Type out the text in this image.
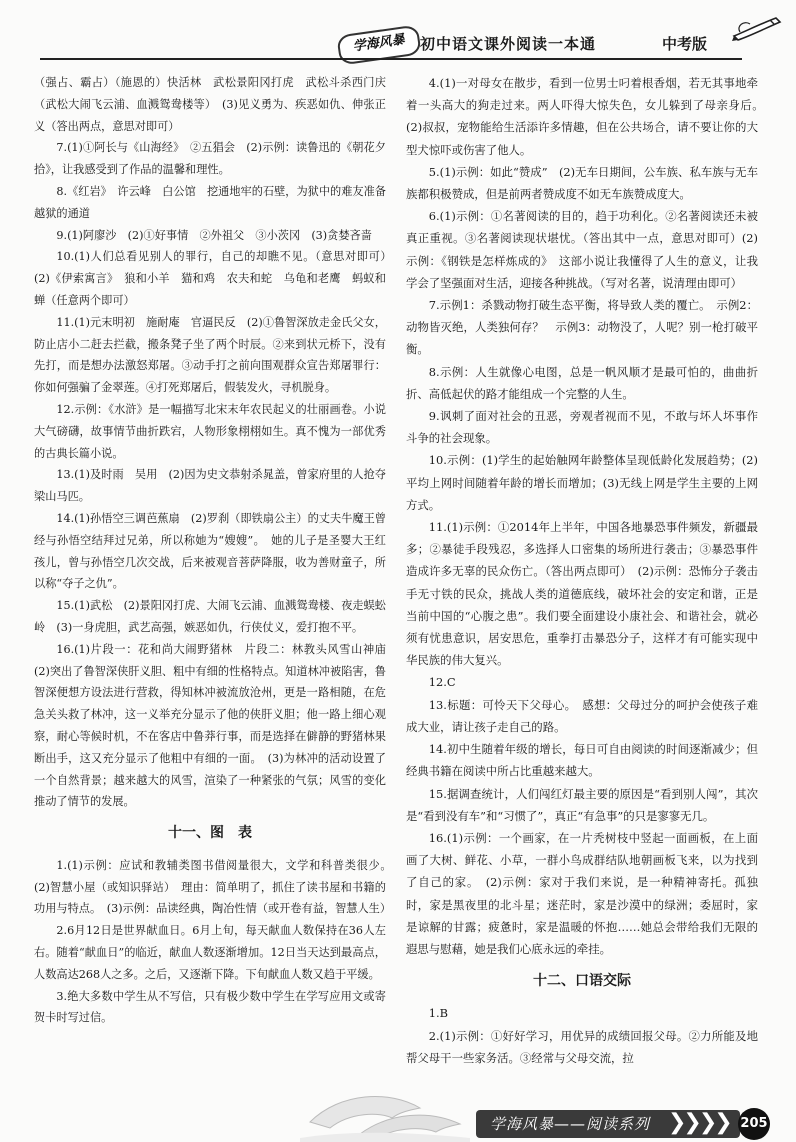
学海风暴 初中语文课外阅读一本通	中考版

（强占、霸占）（施恩的）快活林　武松景阳冈打虎　武松斗杀西门庆（武松大闹飞云浦、血溅鸳鸯楼等）　(3)见义勇为、疾恶如仇、伸张正义（答出两点，意思对即可）

7.(1)①阿长与《山海经》　②五猖会　(2)示例：读鲁迅的《朝花夕拾》，让我感受到了作品的温馨和理性。

8.《红岩》　许云峰　白公馆　挖通地牢的石壁，为狱中的难友准备越狱的通道

9.(1)阿廖沙　(2)①好事情　②外祖父　③小茨冈　(3)贪婪吝啬

10.(1)人们总看见别人的罪行，自己的却瞧不见。（意思对即可）　(2)《伊索寓言》　狼和小羊　猫和鸡　农夫和蛇　乌龟和老鹰　蚂蚁和蝉（任意两个即可）

11.(1)元末明初　施耐庵　官逼民反　(2)①鲁智深放走金氏父女，防止店小二赶去拦截，搬条凳子坐了两个时辰。②来到状元桥下，没有先打，而是想办法激怒郑屠。③动手打之前向围观群众宣告郑屠罪行：你如何强骗了金翠莲。④打死郑屠后，假装发火，寻机脱身。

12.示例：《水浒》是一幅描写北宋末年农民起义的壮丽画卷。小说大气磅礴，故事情节曲折跌宕，人物形象栩栩如生。真不愧为一部优秀的古典长篇小说。

13.(1)及时雨　吴用　(2)因为史文恭射杀晁盖，曾家府里的人抢夺梁山马匹。

14.(1)孙悟空三调芭蕉扇　(2)罗刹（即铁扇公主）的丈夫牛魔王曾经与孙悟空结拜过兄弟，所以称她为“嫂嫂”。　她的儿子是圣婴大王红孩儿，曾与孙悟空几次交战，后来被观音菩萨降服，收为善财童子，所以称“夺子之仇”。

15.(1)武松　(2)景阳冈打虎、大闹飞云浦、血溅鸳鸯楼、夜走蜈蚣岭　(3)一身虎胆，武艺高强，嫉恶如仇，行侠仗义，爱打抱不平。

16.(1)片段一：花和尚大闹野猪林　片段二：林教头风雪山神庙　(2)突出了鲁智深侠肝义胆、粗中有细的性格特点。知道林冲被陷害，鲁智深便想方设法进行营救，得知林冲被流放沧州，更是一路相随，在危急关头救了林冲，这一义举充分显示了他的侠肝义胆；他一路上细心观察，耐心等候时机，不在客店中鲁莽行事，而是选择在僻静的野猪林果断出手，这又充分显示了他粗中有细的一面。　(3)为林冲的活动设置了一个自然背景；越来越大的风雪，渲染了一种紧张的气氛；风雪的变化推动了情节的发展。

十一、图　表

1.(1)示例：应试和教辅类图书借阅量很大，文学和科普类很少。　(2)智慧小屋（或知识驿站）　理由：简单明了，抓住了读书屋和书籍的功用与特点。　(3)示例：品读经典，陶冶性情（或开卷有益，智慧人生）

2.6月12日是世界献血日。6月上旬，每天献血人数保持在36人左右。随着“献血日”的临近，献血人数逐渐增加。12日当天达到最高点，人数高达268人之多。之后，又逐渐下降。下旬献血人数又趋于平缓。

3.绝大多数中学生从不写信，只有极少数中学生在学写应用文或寄贺卡时写过信。

4.(1)一对母女在散步，看到一位男士叼着根香烟，若无其事地牵着一头高大的狗走过来。两人吓得大惊失色，女儿躲到了母亲身后。　(2)叔叔，宠物能给生活添许多情趣，但在公共场合，请不要让你的大型犬惊吓或伤害了他人。

5.(1)示例：如此“赞成”　(2)无车日期间，公车族、私车族与无车族都积极赞成，但是前两者赞成度不如无车族赞成度大。

6.(1)示例：①名著阅读的目的，趋于功利化。②名著阅读还未被真正重视。③名著阅读现状堪忧。（答出其中一点，意思对即可）(2)示例：《钢铁是怎样炼成的》　这部小说让我懂得了人生的意义，让我学会了坚强面对生活，迎接各种挑战。（写对名著，说清理由即可）

7.示例1：杀戮动物打破生态平衡，将导致人类的覆亡。　示例2：动物皆灭绝，人类独何存？　示例3：动物没了，人呢？别一枪打破平衡。

8.示例：人生就像心电图，总是一帆风顺才是最可怕的，曲曲折折、高低起伏的路才能组成一个完整的人生。

9.讽刺了面对社会的丑恶，旁观者视而不见，不敢与坏人坏事作斗争的社会现象。

10.示例：(1)学生的起始触网年龄整体呈现低龄化发展趋势；(2)平均上网时间随着年龄的增长而增加；(3)无线上网是学生主要的上网方式。

11.(1)示例：①2014年上半年，中国各地暴恐事件频发，新疆最多；②暴徒手段残忍，多选择人口密集的场所进行袭击；③暴恐事件造成许多无辜的民众伤亡。（答出两点即可）　(2)示例：恐怖分子袭击手无寸铁的民众，挑战人类的道德底线，破坏社会的安定和谐，正是当前中国的“心腹之患”。我们要全面建设小康社会、和谐社会，就必须有忧患意识，居安思危，重拳打击暴恐分子，这样才有可能实现中华民族的伟大复兴。

12.C

13.标题：可怜天下父母心。　感想：父母过分的呵护会使孩子难成大业，请让孩子走自己的路。

14.初中生随着年级的增长，每日可自由阅读的时间逐渐减少；但经典书籍在阅读中所占比重越来越大。

15.据调查统计，人们闯红灯最主要的原因是“看到别人闯”，其次是“看到没有车”和“习惯了”，真正“有急事”的只是寥寥无几。

16.(1)示例：一个画家，在一片秃树枝中竖起一面画板，在上面画了大树、鲜花、小草，一群小鸟成群结队地朝画板飞来，以为找到了自己的家。　(2)示例：家对于我们来说，是一种精神寄托。孤独时，家是黑夜里的北斗星；迷茫时，家是沙漠中的绿洲；委屈时，家是谅解的甘露；疲惫时，家是温暖的怀抱……她总会带给我们无限的遐思与慰藉，她是我们心底永远的牵挂。

十二、口语交际

1.B

2.(1)示例：①好好学习，用优异的成绩回报父母。②力所能及地帮父母干一些家务活。③经常与父母交流，拉

学海风暴——阅读系列 ❯❯❯❯ 205
